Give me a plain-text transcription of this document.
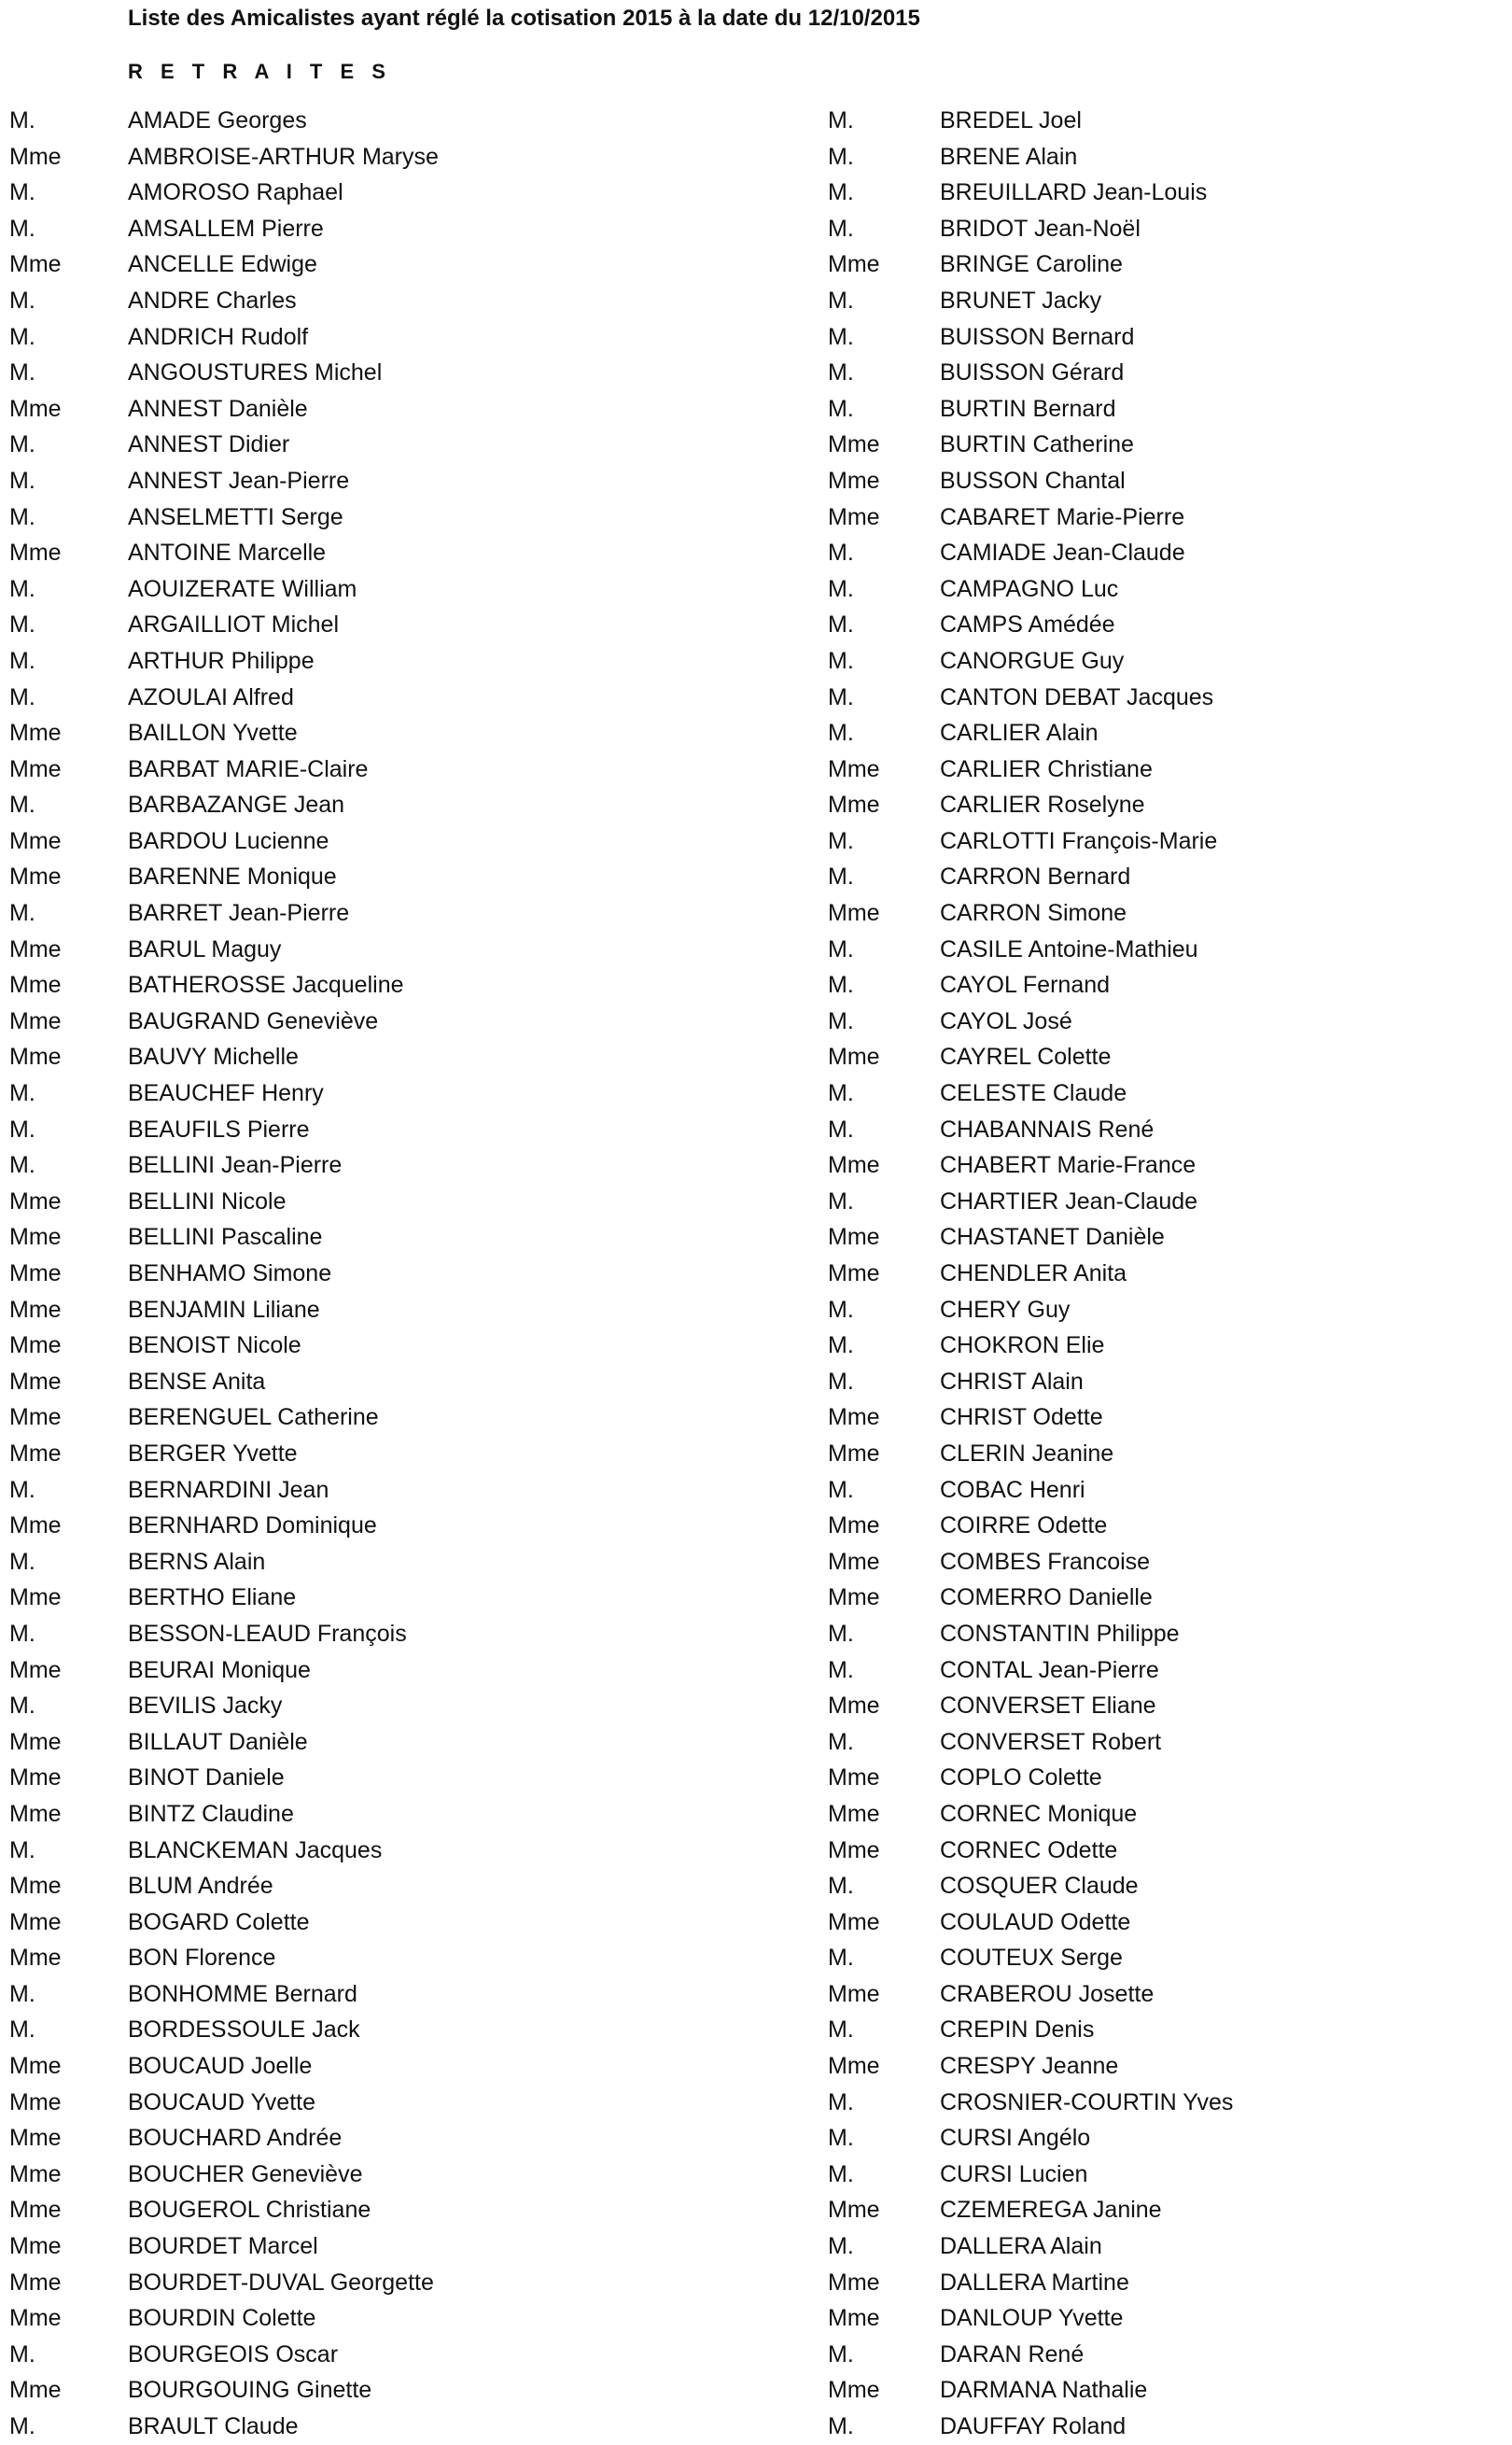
Liste des Amicalistes ayant réglé la cotisation 2015 à la date du 12/10/2015
R E T R A I T E S
M.	AMADE Georges
Mme	AMBROISE-ARTHUR Maryse
M.	AMOROSO Raphael
M.	AMSALLEM Pierre
Mme	ANCELLE Edwige
M.	ANDRE Charles
M.	ANDRICH Rudolf
M.	ANGOUSTURES Michel
Mme	ANNEST Danièle
M.	ANNEST Didier
M.	ANNEST Jean-Pierre
M.	ANSELMETTI Serge
Mme	ANTOINE Marcelle
M.	AOUIZERATE William
M.	ARGAILLIOT Michel
M.	ARTHUR Philippe
M.	AZOULAI Alfred
Mme	BAILLON Yvette
Mme	BARBAT MARIE-Claire
M.	BARBAZANGE Jean
Mme	BARDOU Lucienne
Mme	BARENNE Monique
M.	BARRET Jean-Pierre
Mme	BARUL Maguy
Mme	BATHEROSSE Jacqueline
Mme	BAUGRAND Geneviève
Mme	BAUVY Michelle
M.	BEAUCHEF Henry
M.	BEAUFILS Pierre
M.	BELLINI Jean-Pierre
Mme	BELLINI Nicole
Mme	BELLINI Pascaline
Mme	BENHAMO Simone
Mme	BENJAMIN Liliane
Mme	BENOIST Nicole
Mme	BENSE Anita
Mme	BERENGUEL Catherine
Mme	BERGER Yvette
M.	BERNARDINI Jean
Mme	BERNHARD Dominique
M.	BERNS Alain
Mme	BERTHO Eliane
M.	BESSON-LEAUD François
Mme	BEURAI Monique
M.	BEVILIS Jacky
Mme	BILLAUT Danièle
Mme	BINOT Daniele
Mme	BINTZ Claudine
M.	BLANCKEMAN Jacques
Mme	BLUM Andrée
Mme	BOGARD Colette
Mme	BON Florence
M.	BONHOMME Bernard
M.	BORDESSOULE Jack
Mme	BOUCAUD Joelle
Mme	BOUCAUD Yvette
Mme	BOUCHARD Andrée
Mme	BOUCHER Geneviève
Mme	BOUGEROL Christiane
Mme	BOURDET Marcel
Mme	BOURDET-DUVAL Georgette
Mme	BOURDIN Colette
M.	BOURGEOIS Oscar
Mme	BOURGOUING Ginette
M.	BRAULT Claude
M.	BREDEL Joel
M.	BRENE Alain
M.	BREUILLARD Jean-Louis
M.	BRIDOT Jean-Noël
Mme	BRINGE Caroline
M.	BRUNET Jacky
M.	BUISSON Bernard
M.	BUISSON Gérard
M.	BURTIN Bernard
Mme	BURTIN Catherine
Mme	BUSSON Chantal
Mme	CABARET Marie-Pierre
M.	CAMIADE Jean-Claude
M.	CAMPAGNO Luc
M.	CAMPS Amédée
M.	CANORGUE Guy
M.	CANTON DEBAT Jacques
M.	CARLIER Alain
Mme	CARLIER Christiane
Mme	CARLIER Roselyne
M.	CARLOTTI François-Marie
M.	CARRON Bernard
Mme	CARRON Simone
M.	CASILE Antoine-Mathieu
M.	CAYOL Fernand
M.	CAYOL José
Mme	CAYREL Colette
M.	CELESTE Claude
M.	CHABANNAIS René
Mme	CHABERT Marie-France
M.	CHARTIER Jean-Claude
Mme	CHASTANET Danièle
Mme	CHENDLER Anita
M.	CHERY Guy
M.	CHOKRON Elie
M.	CHRIST Alain
Mme	CHRIST Odette
Mme	CLERIN Jeanine
M.	COBAC Henri
Mme	COIRRE Odette
Mme	COMBES Francoise
Mme	COMERRO Danielle
M.	CONSTANTIN Philippe
M.	CONTAL Jean-Pierre
Mme	CONVERSET Eliane
M.	CONVERSET Robert
Mme	COPLO Colette
Mme	CORNEC Monique
Mme	CORNEC Odette
M.	COSQUER Claude
Mme	COULAUD Odette
M.	COUTEUX Serge
Mme	CRABEROU Josette
M.	CREPIN Denis
Mme	CRESPY Jeanne
M.	CROSNIER-COURTIN Yves
M.	CURSI Angélo
M.	CURSI Lucien
Mme	CZEMEREGA Janine
M.	DALLERA Alain
Mme	DALLERA Martine
Mme	DANLOUP Yvette
M.	DARAN René
Mme	DARMANA Nathalie
M.	DAUFFAY Roland
